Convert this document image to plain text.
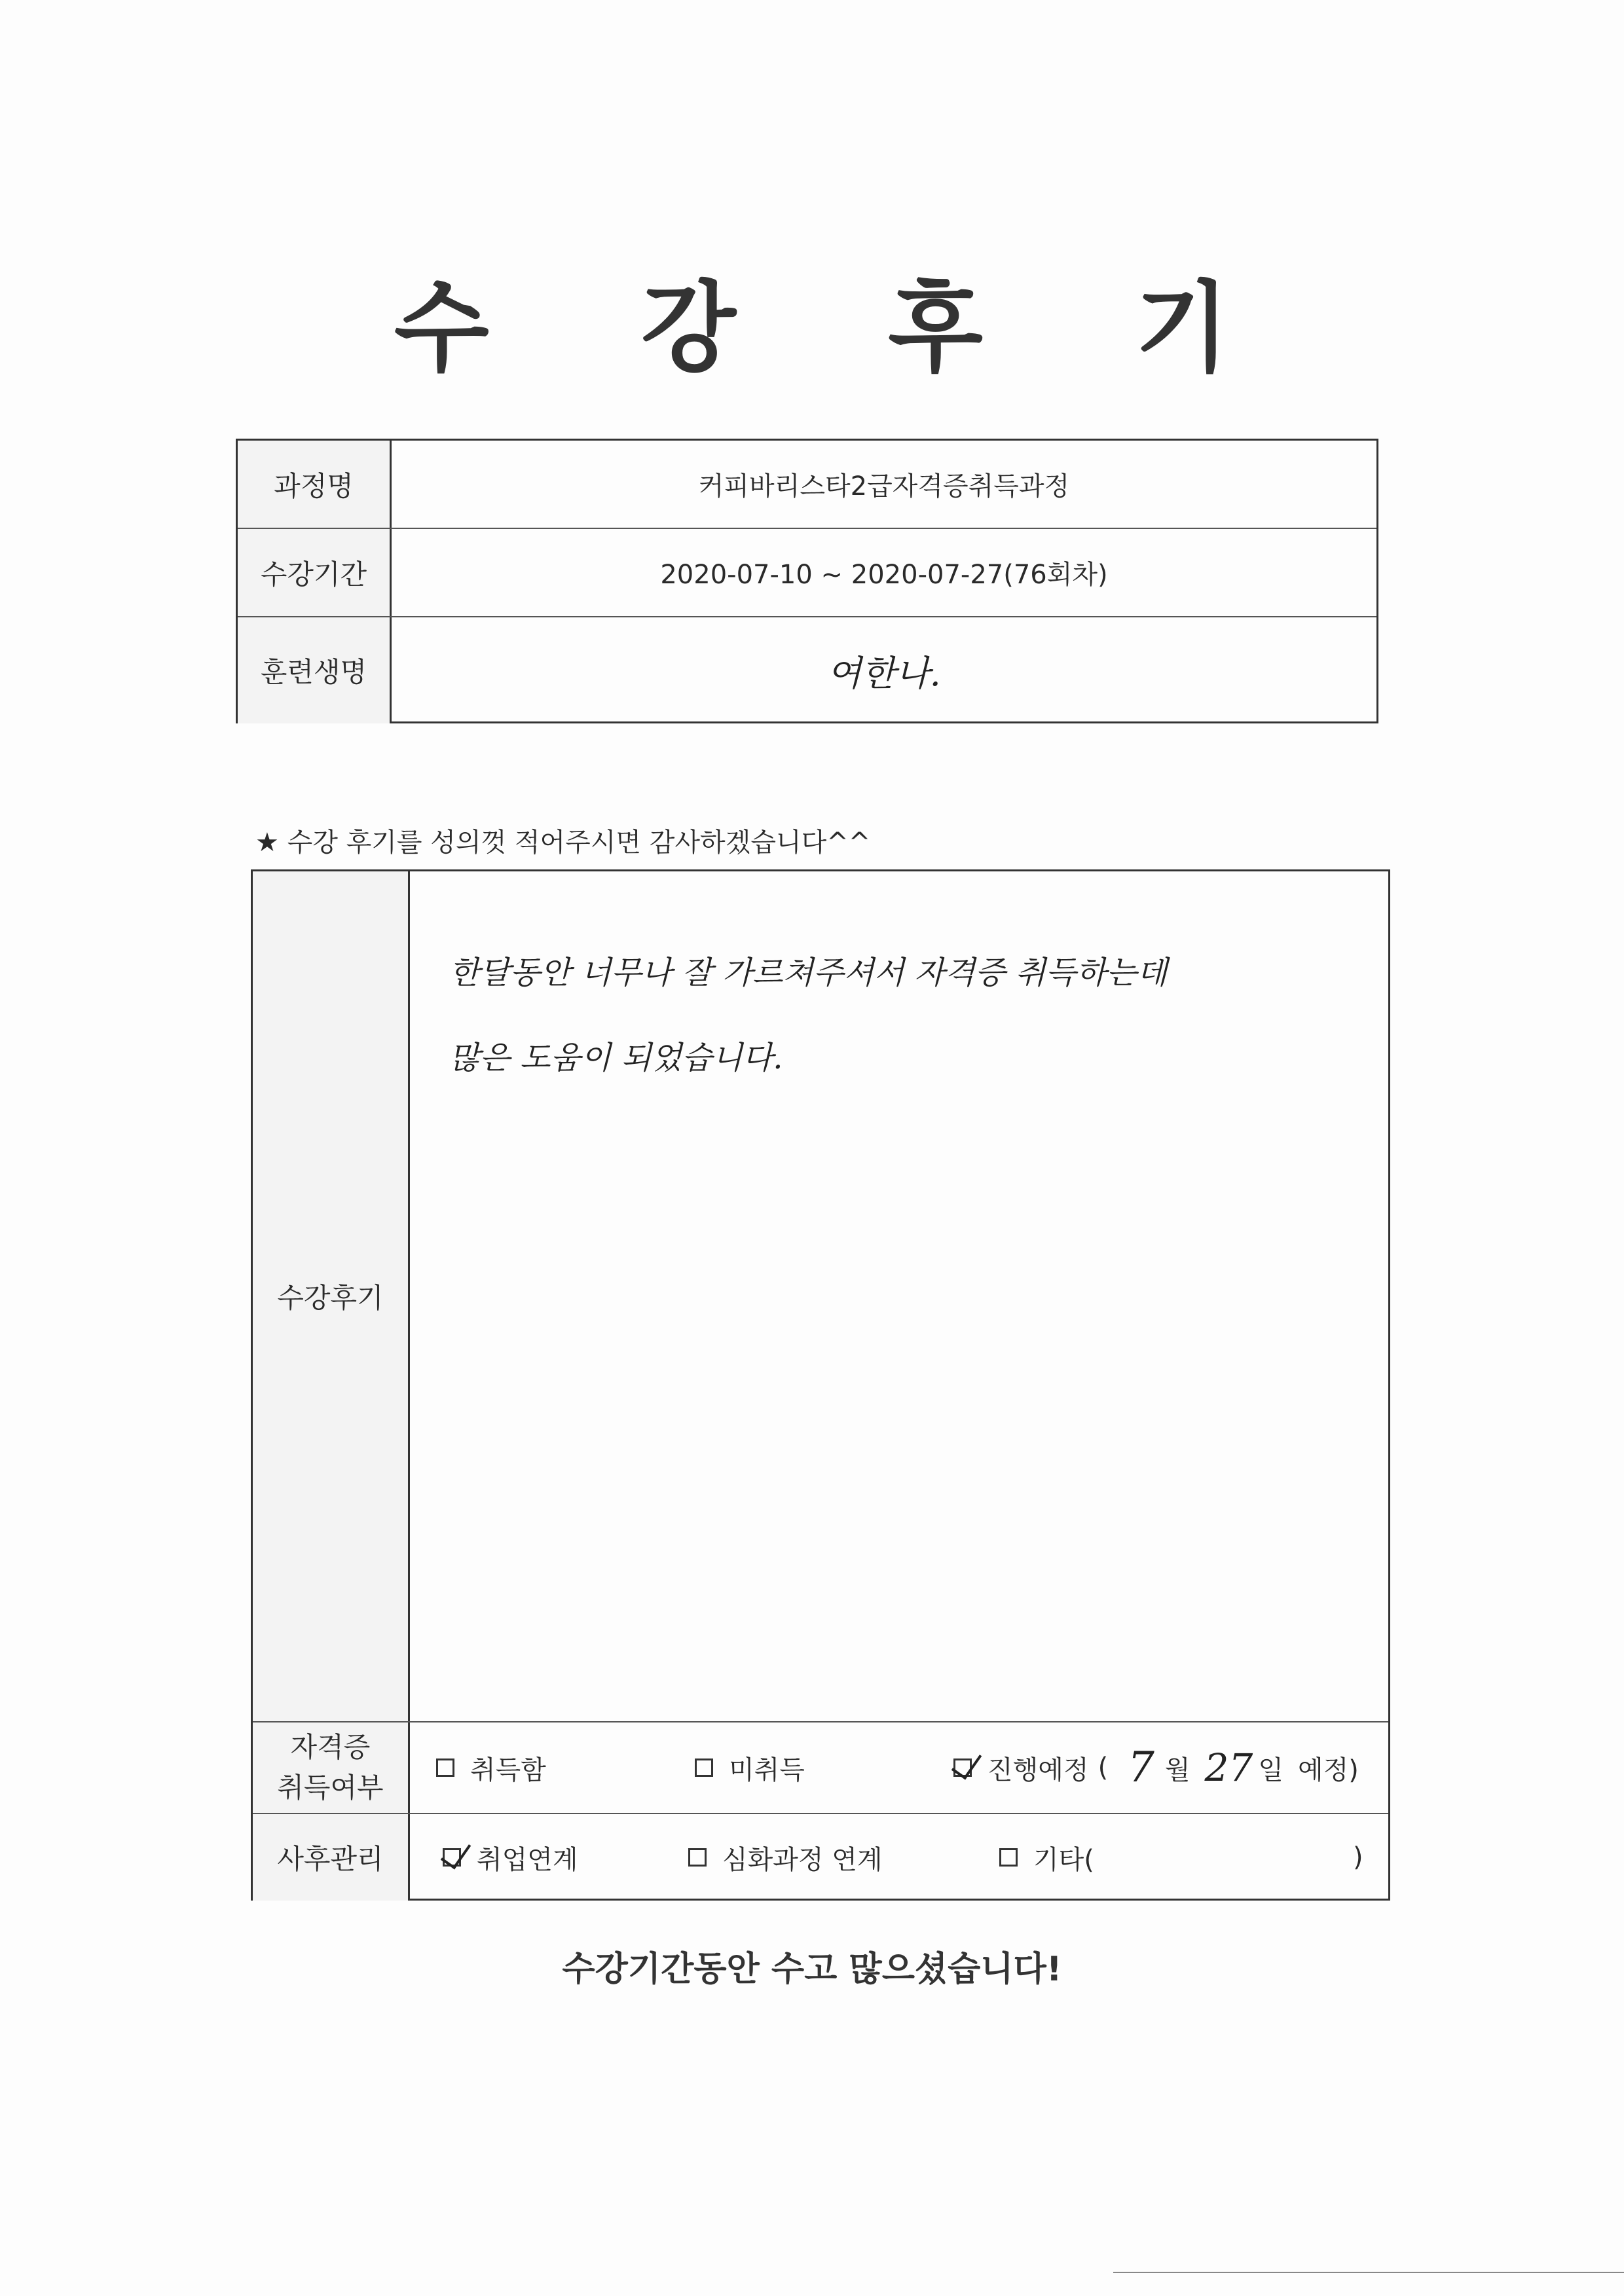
수 강 후 기
과정명	커피바리스타2급자격증취득과정
수강기간	2020-07-10 ~ 2020-07-27(76회차)
훈련생명	여한나.
★ 수강 후기를 성의껏 적어주시면 감사하겠습니다^^
수강후기
한달동안 너무나 잘 가르쳐주셔서 자격증 취득하는데
많은 도움이 되었습니다.
자격증
취득여부
취득함	미취득	진행예정 ( 7 월 27 일 예정)
사후관리	취업연계	심화과정 연계	기타(	)
수강기간동안 수고 많으셨습니다!
